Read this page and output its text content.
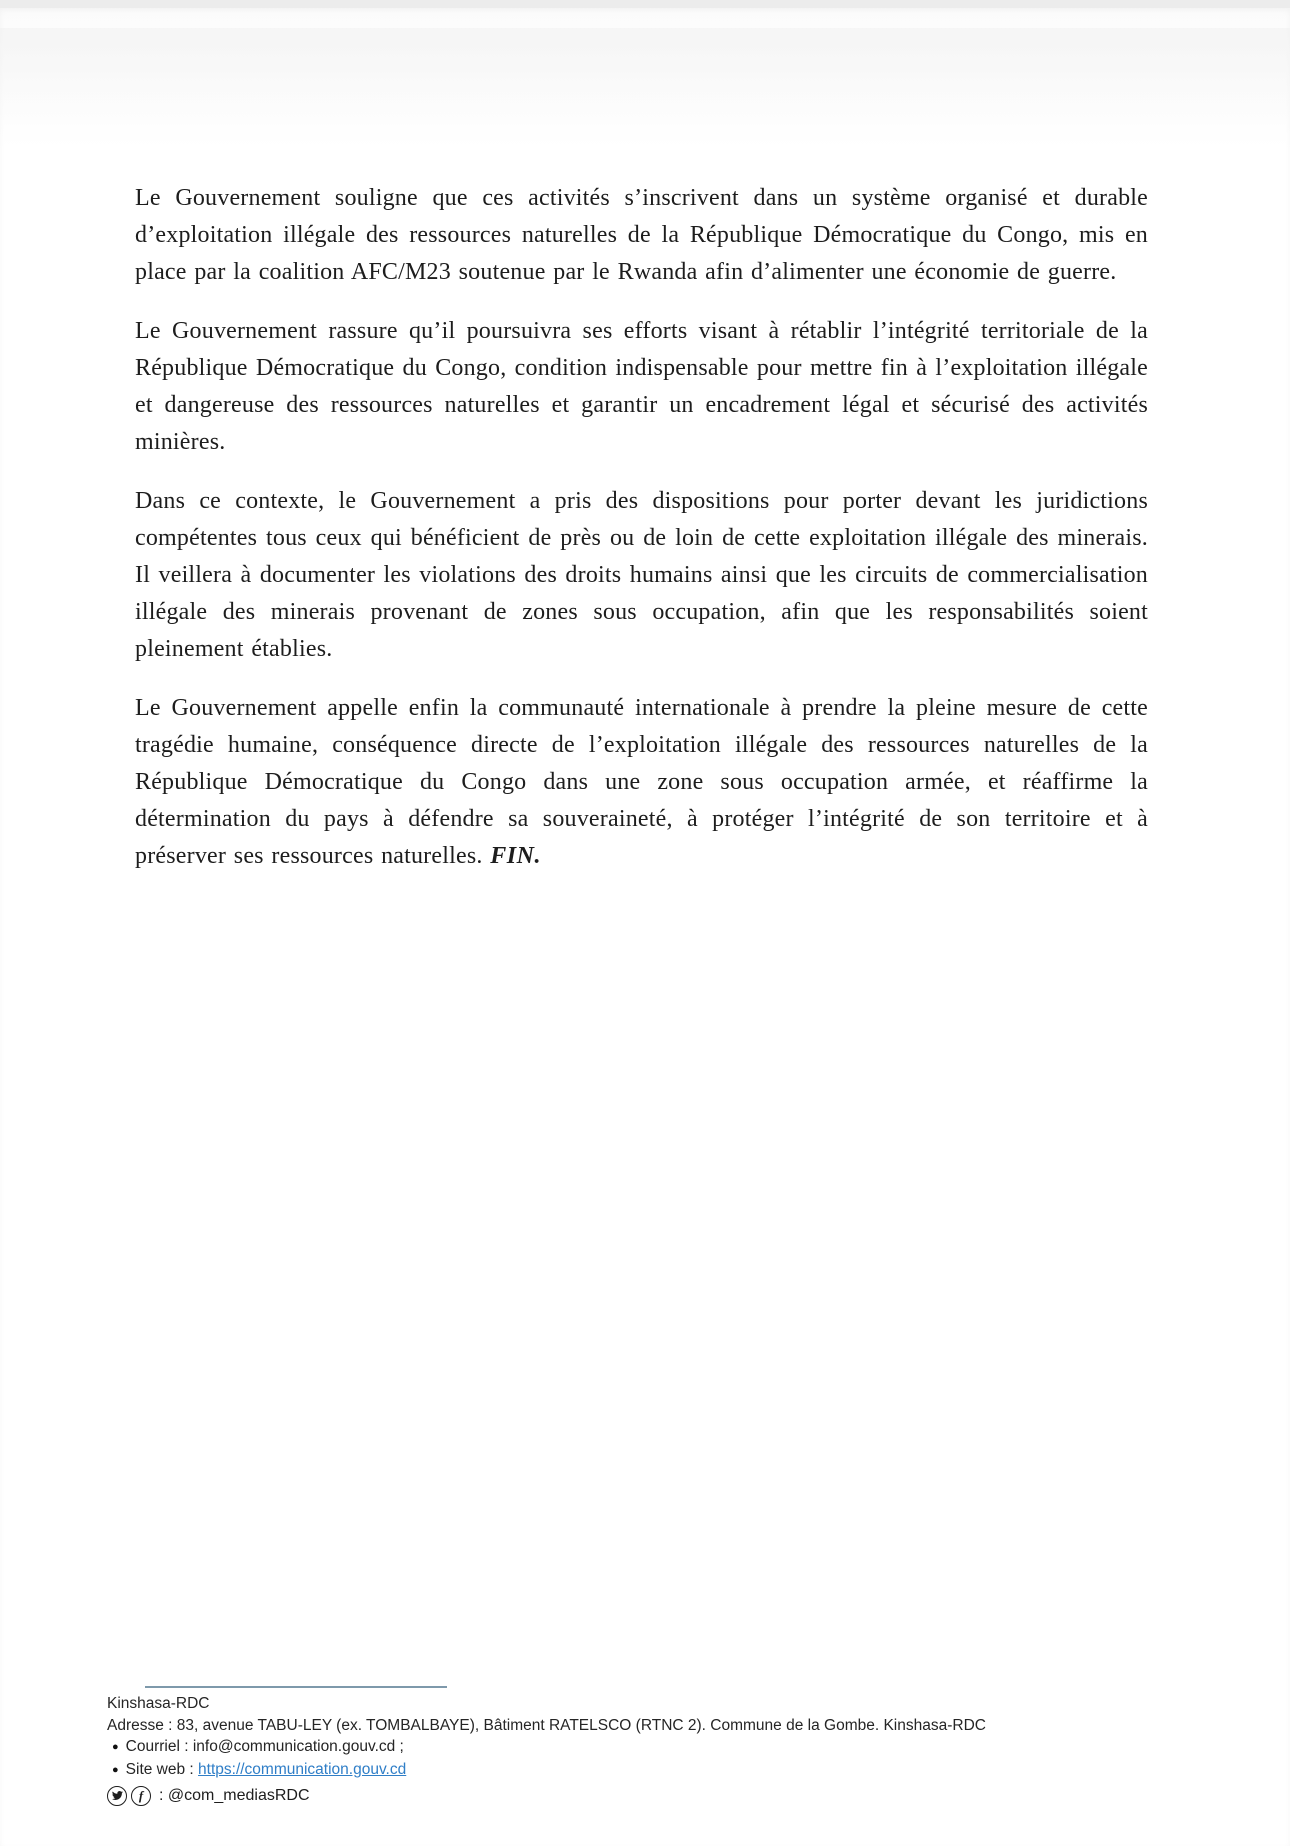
Le Gouvernement souligne que ces activités s’inscrivent dans un système organisé et durable d’exploitation illégale des ressources naturelles de la République Démocratique du Congo, mis en place par la coalition AFC/M23 soutenue par le Rwanda afin d’alimenter une économie de guerre.

Le Gouvernement rassure qu’il poursuivra ses efforts visant à rétablir l’intégrité territoriale de la République Démocratique du Congo, condition indispensable pour mettre fin à l’exploitation illégale et dangereuse des ressources naturelles et garantir un encadrement légal et sécurisé des activités minières.

Dans ce contexte, le Gouvernement a pris des dispositions pour porter devant les juridictions compétentes tous ceux qui bénéficient de près ou de loin de cette exploitation illégale des minerais. Il veillera à documenter les violations des droits humains ainsi que les circuits de commercialisation illégale des minerais provenant de zones sous occupation, afin que les responsabilités soient pleinement établies.

Le Gouvernement appelle enfin la communauté internationale à prendre la pleine mesure de cette tragédie humaine, conséquence directe de l’exploitation illégale des ressources naturelles de la République Démocratique du Congo dans une zone sous occupation armée, et réaffirme la détermination du pays à défendre sa souveraineté, à protéger l’intégrité de son territoire et à préserver ses ressources naturelles. FIN.

Kinshasa-RDC
Adresse : 83, avenue TABU-LEY (ex. TOMBALBAYE), Bâtiment RATELSCO (RTNC 2). Commune de la Gombe. Kinshasa-RDC
● Courriel : info@communication.gouv.cd ;
● Site web : https://communication.gouv.cd
f : @com_mediasRDC
